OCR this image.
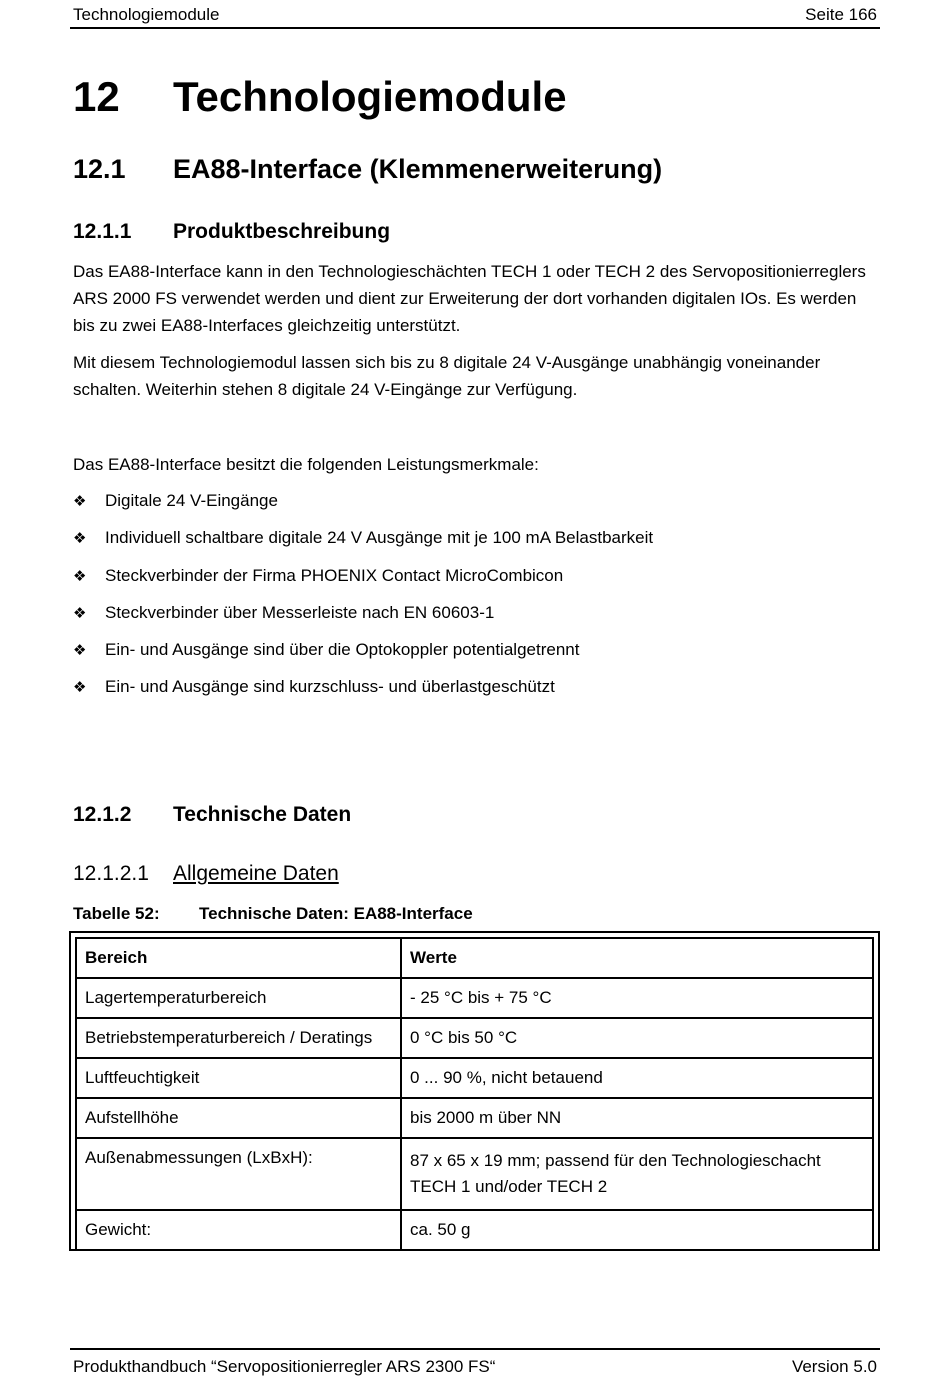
Technologiemodule	Seite 166
12 Technologiemodule
12.1 EA88-Interface (Klemmenerweiterung)
12.1.1 Produktbeschreibung
Das EA88-Interface kann in den Technologieschächten TECH 1 oder TECH 2 des Servopositionierreglers ARS 2000 FS verwendet werden und dient zur Erweiterung der dort vorhanden digitalen IOs. Es werden bis zu zwei EA88-Interfaces gleichzeitig unterstützt.
Mit diesem Technologiemodul lassen sich bis zu 8 digitale 24 V-Ausgänge unabhängig voneinander schalten. Weiterhin stehen 8 digitale 24 V-Eingänge zur Verfügung.
Das EA88-Interface besitzt die folgenden Leistungsmerkmale:
❖	Digitale 24 V-Eingänge
❖	Individuell schaltbare digitale 24 V Ausgänge mit je 100 mA Belastbarkeit
❖	Steckverbinder der Firma PHOENIX Contact MicroCombicon
❖	Steckverbinder über Messerleiste nach EN 60603-1
❖	Ein- und Ausgänge sind über die Optokoppler potentialgetrennt
❖	Ein- und Ausgänge sind kurzschluss- und überlastgeschützt
12.1.2 Technische Daten
12.1.2.1 Allgemeine Daten
Tabelle 52: Technische Daten: EA88-Interface
Bereich	Werte
Lagertemperaturbereich	- 25 °C bis + 75 °C
Betriebstemperaturbereich / Deratings	0 °C bis 50 °C
Luftfeuchtigkeit	0 ... 90 %, nicht betauend
Aufstellhöhe	bis 2000 m über NN
Außenabmessungen (LxBxH):	87 x 65 x 19 mm; passend für den Technologieschacht TECH 1 und/oder TECH 2
Gewicht:	ca. 50 g
Produkthandbuch “Servopositionierregler ARS 2300 FS“	Version 5.0
